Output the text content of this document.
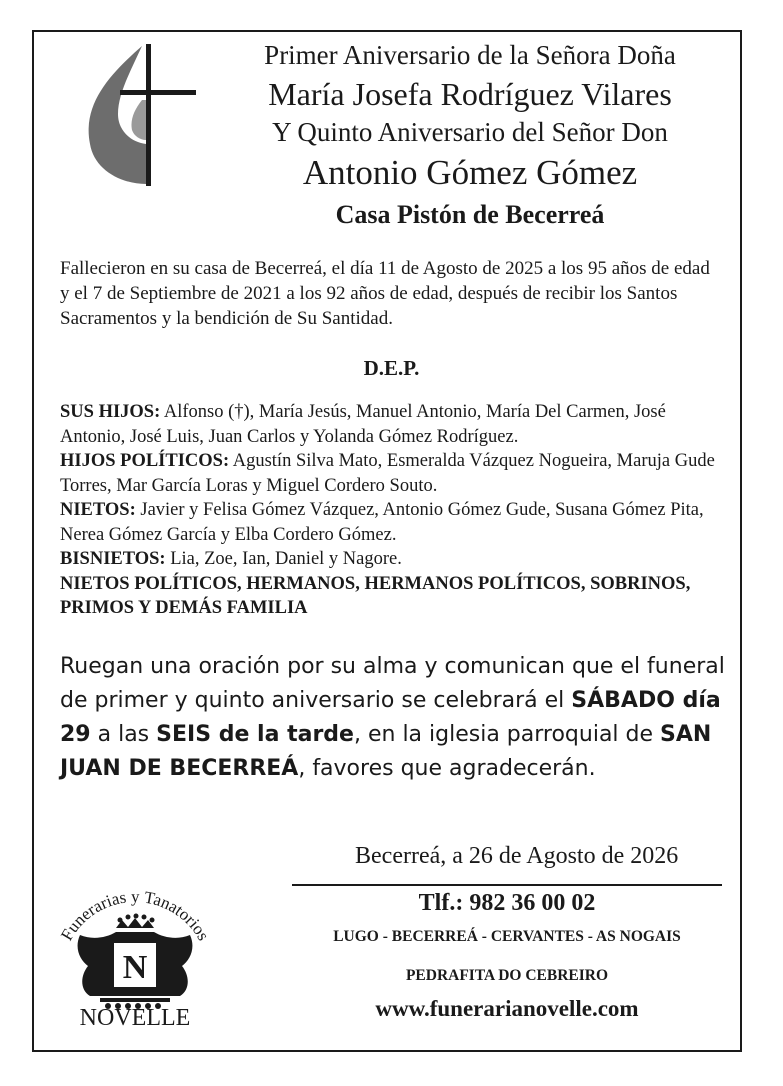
Primer Aniversario de la Señora Doña
María Josefa Rodríguez Vilares
Y Quinto Aniversario del Señor Don
Antonio Gómez Gómez
Casa Pistón de Becerreá
Fallecieron en su casa de Becerreá, el día 11 de Agosto de 2025 a los 95 años de edad y el 7 de Septiembre de 2021 a los 92 años de edad, después de recibir los Santos Sacramentos y la bendición de Su Santidad.
D.E.P.
SUS HIJOS: Alfonso (†), María Jesús, Manuel Antonio, María Del Carmen, José Antonio, José Luis, Juan Carlos y Yolanda Gómez Rodríguez.
HIJOS POLÍTICOS: Agustín Silva Mato, Esmeralda Vázquez Nogueira, Maruja Gude Torres, Mar García Loras y Miguel Cordero Souto.
NIETOS: Javier y Felisa Gómez Vázquez, Antonio Gómez Gude, Susana Gómez Pita, Nerea Gómez García y Elba Cordero Gómez.
BISNIETOS: Lia, Zoe, Ian, Daniel y Nagore.
NIETOS POLÍTICOS, HERMANOS, HERMANOS POLÍTICOS, SOBRINOS, PRIMOS Y DEMÁS FAMILIA
Ruegan una oración por su alma y comunican que el funeral de primer y quinto aniversario se celebrará el SÁBADO día 29 a las SEIS de la tarde, en la iglesia parroquial de SAN JUAN DE BECERREÁ, favores que agradecerán.
Becerreá, a 26 de Agosto de 2026
Tlf.: 982 36 00 02
LUGO - BECERREÁ - CERVANTES - AS NOGAIS
PEDRAFITA DO CEBREIRO
www.funerarianovelle.com
Funerarias y Tanatorios
N
NOVELLE
